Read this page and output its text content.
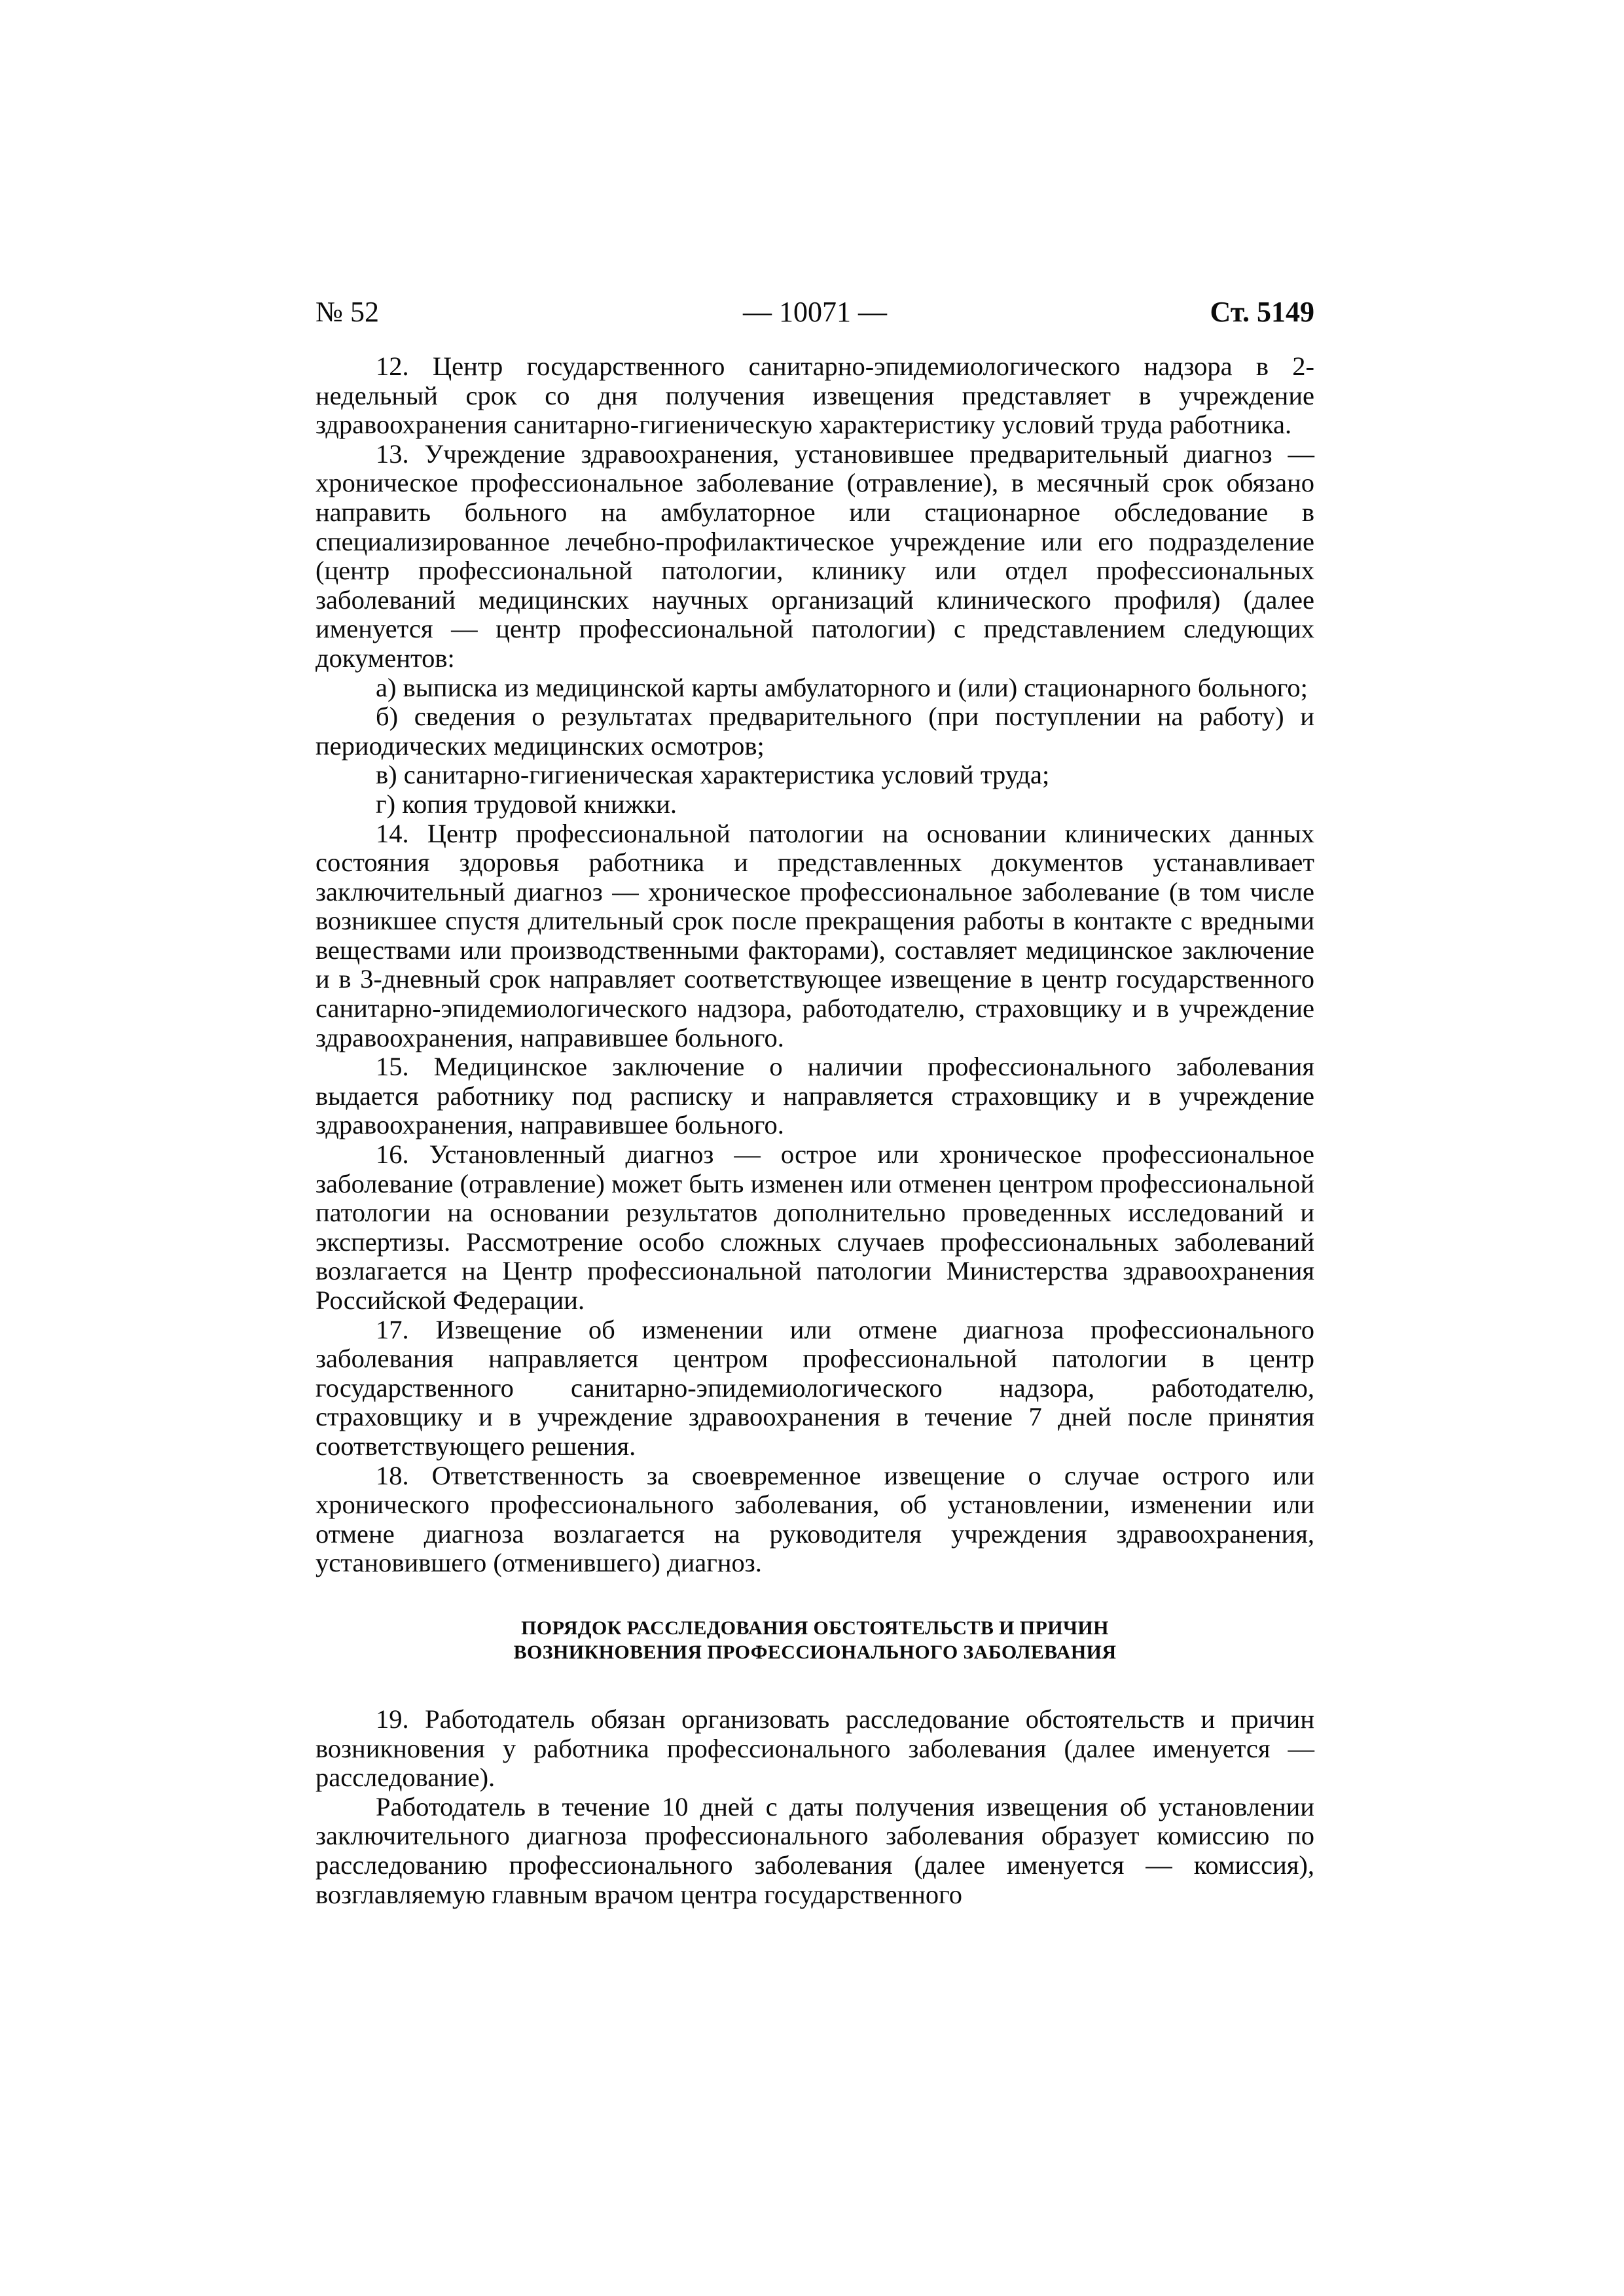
№ 52	— 10071 —	Ст. 5149

12. Центр государственного санитарно-эпидемиологического надзора в 2-недельный срок со дня получения извещения представляет в учреждение здравоохранения санитарно-гигиеническую характеристику условий труда работника.

13. Учреждение здравоохранения, установившее предварительный диагноз — хроническое профессиональное заболевание (отравление), в месячный срок обязано направить больного на амбулаторное или стационарное обследование в специализированное лечебно-профилактическое учреждение или его подразделение (центр профессиональной патологии, клинику или отдел профессиональных заболеваний медицинских научных организаций клинического профиля) (далее именуется — центр профессиональной патологии) с представлением следующих документов:

а) выписка из медицинской карты амбулаторного и (или) стационарного больного;

б) сведения о результатах предварительного (при поступлении на работу) и периодических медицинских осмотров;

в) санитарно-гигиеническая характеристика условий труда;

г) копия трудовой книжки.

14. Центр профессиональной патологии на основании клинических данных состояния здоровья работника и представленных документов устанавливает заключительный диагноз — хроническое профессиональное заболевание (в том числе возникшее спустя длительный срок после прекращения работы в контакте с вредными веществами или производственными факторами), составляет медицинское заключение и в 3-дневный срок направляет соответствующее извещение в центр государственного санитарно-эпидемиологического надзора, работодателю, страховщику и в учреждение здравоохранения, направившее больного.

15. Медицинское заключение о наличии профессионального заболевания выдается работнику под расписку и направляется страховщику и в учреждение здравоохранения, направившее больного.

16. Установленный диагноз — острое или хроническое профессиональное заболевание (отравление) может быть изменен или отменен центром профессиональной патологии на основании результатов дополнительно проведенных исследований и экспертизы. Рассмотрение особо сложных случаев профессиональных заболеваний возлагается на Центр профессиональной патологии Министерства здравоохранения Российской Федерации.

17. Извещение об изменении или отмене диагноза профессионального заболевания направляется центром профессиональной патологии в центр государственного санитарно-эпидемиологического надзора, работодателю, страховщику и в учреждение здравоохранения в течение 7 дней после принятия соответствующего решения.

18. Ответственность за своевременное извещение о случае острого или хронического профессионального заболевания, об установлении, изменении или отмене диагноза возлагается на руководителя учреждения здравоохранения, установившего (отменившего) диагноз.

ПОРЯДОК РАССЛЕДОВАНИЯ ОБСТОЯТЕЛЬСТВ И ПРИЧИН
ВОЗНИКНОВЕНИЯ ПРОФЕССИОНАЛЬНОГО ЗАБОЛЕВАНИЯ

19. Работодатель обязан организовать расследование обстоятельств и причин возникновения у работника профессионального заболевания (далее именуется — расследование).

Работодатель в течение 10 дней с даты получения извещения об установлении заключительного диагноза профессионального заболевания образует комиссию по расследованию профессионального заболевания (далее именуется — комиссия), возглавляемую главным врачом центра государственного
